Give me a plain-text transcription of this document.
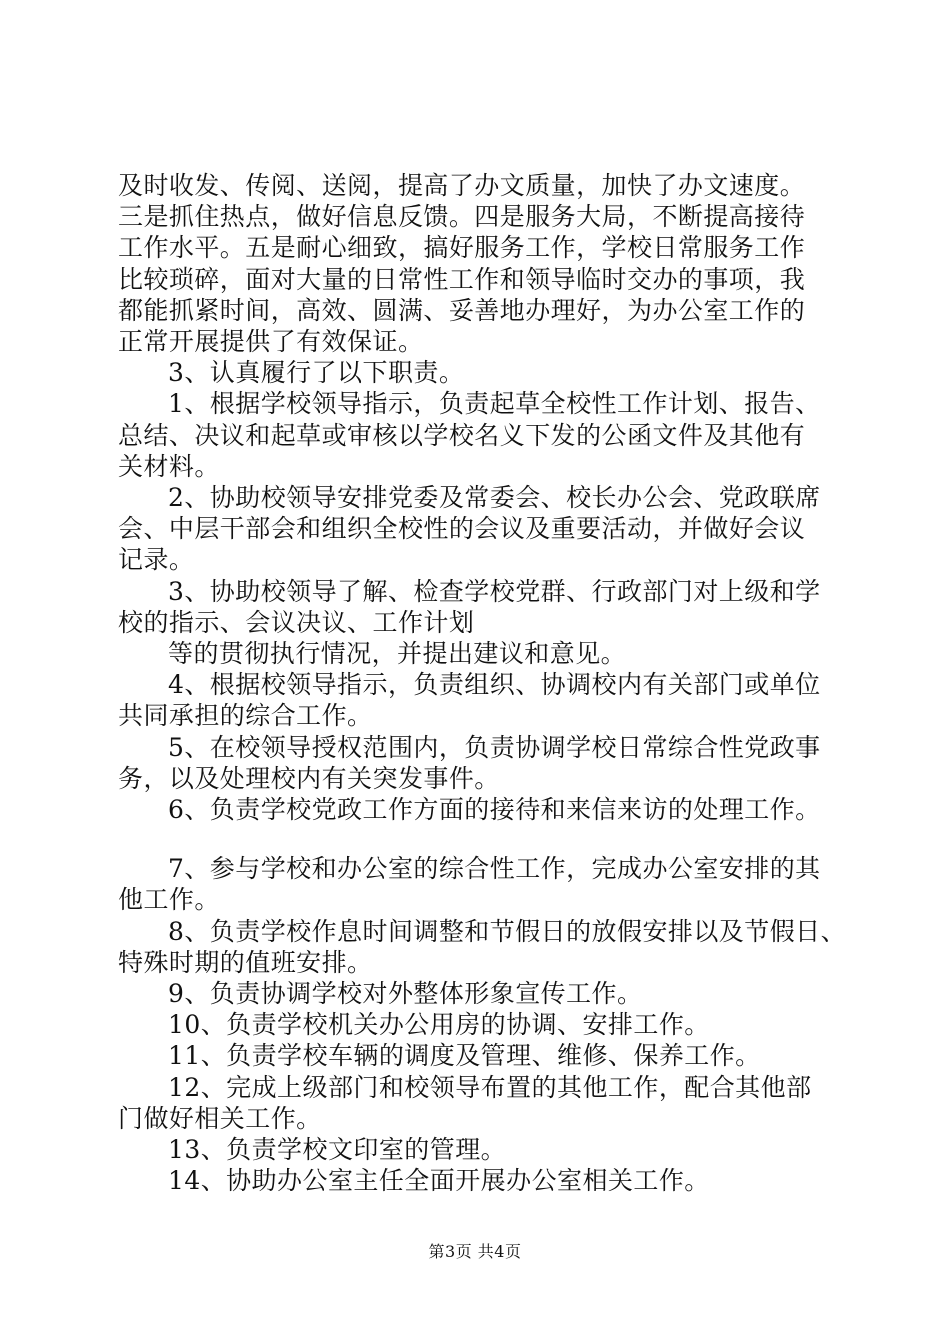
及时收发、传阅、送阅，提高了办文质量，加快了办文速度。
三是抓住热点，做好信息反馈。四是服务大局，不断提高接待
工作水平。五是耐心细致，搞好服务工作，学校日常服务工作
比较琐碎，面对大量的日常性工作和领导临时交办的事项，我
都能抓紧时间，高效、圆满、妥善地办理好，为办公室工作的
正常开展提供了有效保证。
3、认真履行了以下职责。
1、根据学校领导指示，负责起草全校性工作计划、报告、
总结、决议和起草或审核以学校名义下发的公函文件及其他有
关材料。
2、协助校领导安排党委及常委会、校长办公会、党政联席
会、中层干部会和组织全校性的会议及重要活动，并做好会议
记录。
3、协助校领导了解、检查学校党群、行政部门对上级和学
校的指示、会议决议、工作计划
等的贯彻执行情况，并提出建议和意见。
4、根据校领导指示，负责组织、协调校内有关部门或单位
共同承担的综合工作。
5、在校领导授权范围内，负责协调学校日常综合性党政事
务，以及处理校内有关突发事件。
6、负责学校党政工作方面的接待和来信来访的处理工作。
7、参与学校和办公室的综合性工作，完成办公室安排的其
他工作。
8、负责学校作息时间调整和节假日的放假安排以及节假日、
特殊时期的值班安排。
9、负责协调学校对外整体形象宣传工作。
10、负责学校机关办公用房的协调、安排工作。
11、负责学校车辆的调度及管理、维修、保养工作。
12、完成上级部门和校领导布置的其他工作，配合其他部
门做好相关工作。
13、负责学校文印室的管理。
14、协助办公室主任全面开展办公室相关工作。
第3页 共4页
